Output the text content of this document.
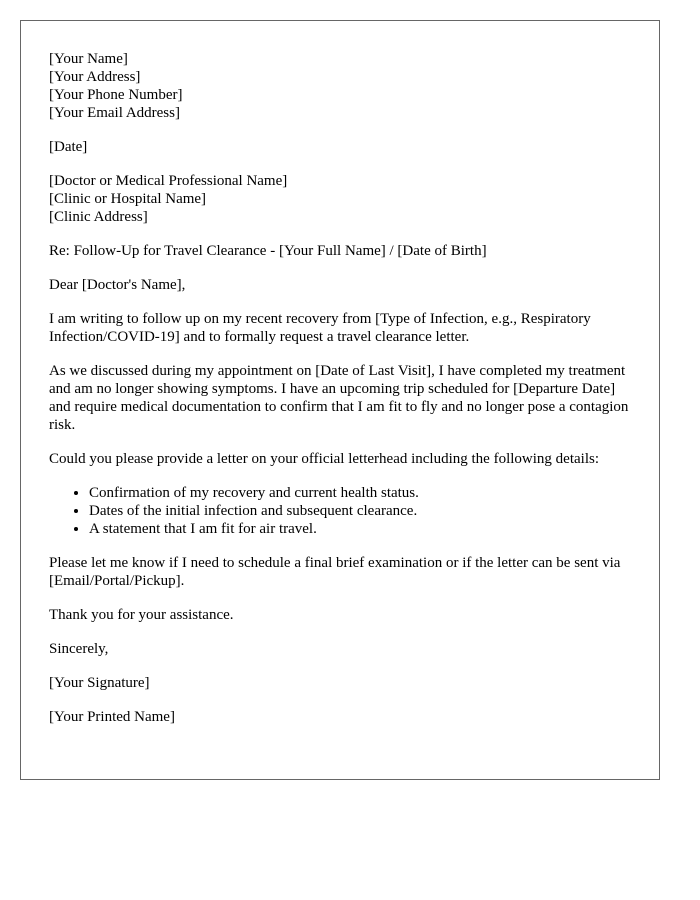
[Your Name]
[Your Address]
[Your Phone Number]
[Your Email Address]

[Date]

[Doctor or Medical Professional Name]
[Clinic or Hospital Name]
[Clinic Address]

Re: Follow-Up for Travel Clearance - [Your Full Name] / [Date of Birth]

Dear [Doctor's Name],

I am writing to follow up on my recent recovery from [Type of Infection, e.g., Respiratory Infection/COVID-19] and to formally request a travel clearance letter.

As we discussed during my appointment on [Date of Last Visit], I have completed my treatment and am no longer showing symptoms. I have an upcoming trip scheduled for [Departure Date] and require medical documentation to confirm that I am fit to fly and no longer pose a contagion risk.

Could you please provide a letter on your official letterhead including the following details:

• Confirmation of my recovery and current health status.
• Dates of the initial infection and subsequent clearance.
• A statement that I am fit for air travel.

Please let me know if I need to schedule a final brief examination or if the letter can be sent via [Email/Portal/Pickup].

Thank you for your assistance.

Sincerely,

[Your Signature]

[Your Printed Name]
